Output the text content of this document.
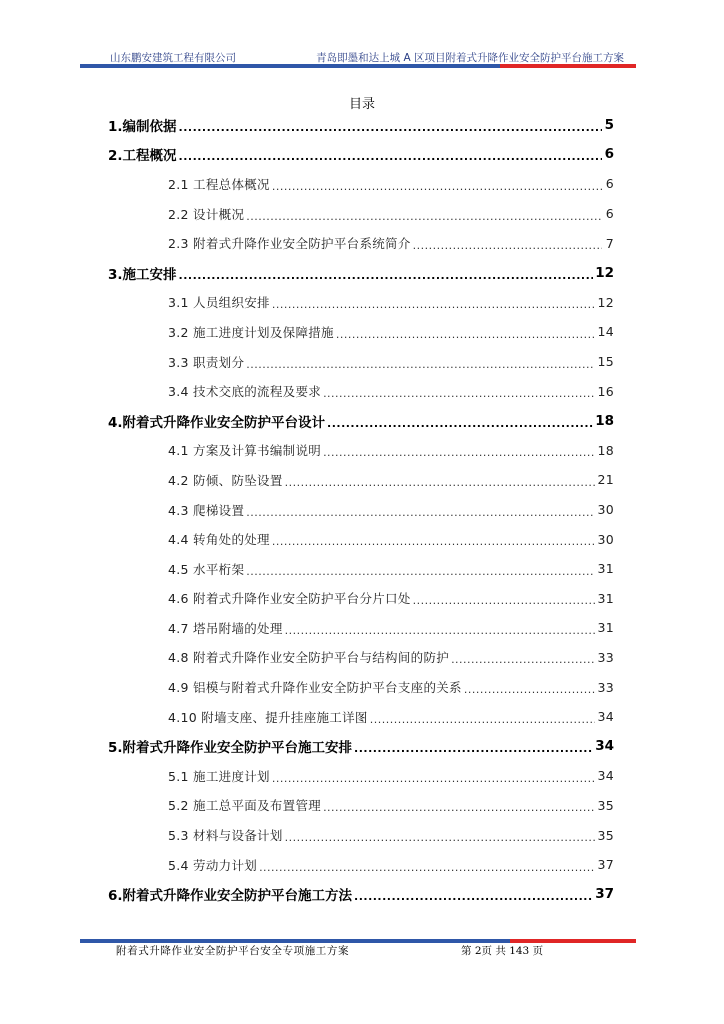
山东鹏安建筑工程有限公司	青岛即墨和达上城 A 区项目附着式升降作业安全防护平台施工方案
目录
1.编制依据 .....	5
2.工程概况 .....	6
2.1 工程总体概况 .....	6
2.2 设计概况 .....	6
2.3 附着式升降作业安全防护平台系统简介 .....	7
3.施工安排 .....	12
3.1 人员组织安排 .....	12
3.2 施工进度计划及保障措施 .....	14
3.3 职责划分 .....	15
3.4 技术交底的流程及要求 .....	16
4.附着式升降作业安全防护平台设计 .....	18
4.1 方案及计算书编制说明 .....	18
4.2 防倾、防坠设置 .....	21
4.3 爬梯设置 .....	30
4.4 转角处的处理 .....	30
4.5 水平桁架 .....	31
4.6 附着式升降作业安全防护平台分片口处 .....	31
4.7 塔吊附墙的处理 .....	31
4.8 附着式升降作业安全防护平台与结构间的防护 .....	33
4.9 铝模与附着式升降作业安全防护平台支座的关系 .....	33
4.10 附墙支座、提升挂座施工详图 .....	34
5.附着式升降作业安全防护平台施工安排 .....	34
5.1 施工进度计划 .....	34
5.2 施工总平面及布置管理 .....	35
5.3 材料与设备计划 .....	35
5.4 劳动力计划 .....	37
6.附着式升降作业安全防护平台施工方法 .....	37
附着式升降作业安全防护平台安全专项施工方案	第 2页 共 143 页
